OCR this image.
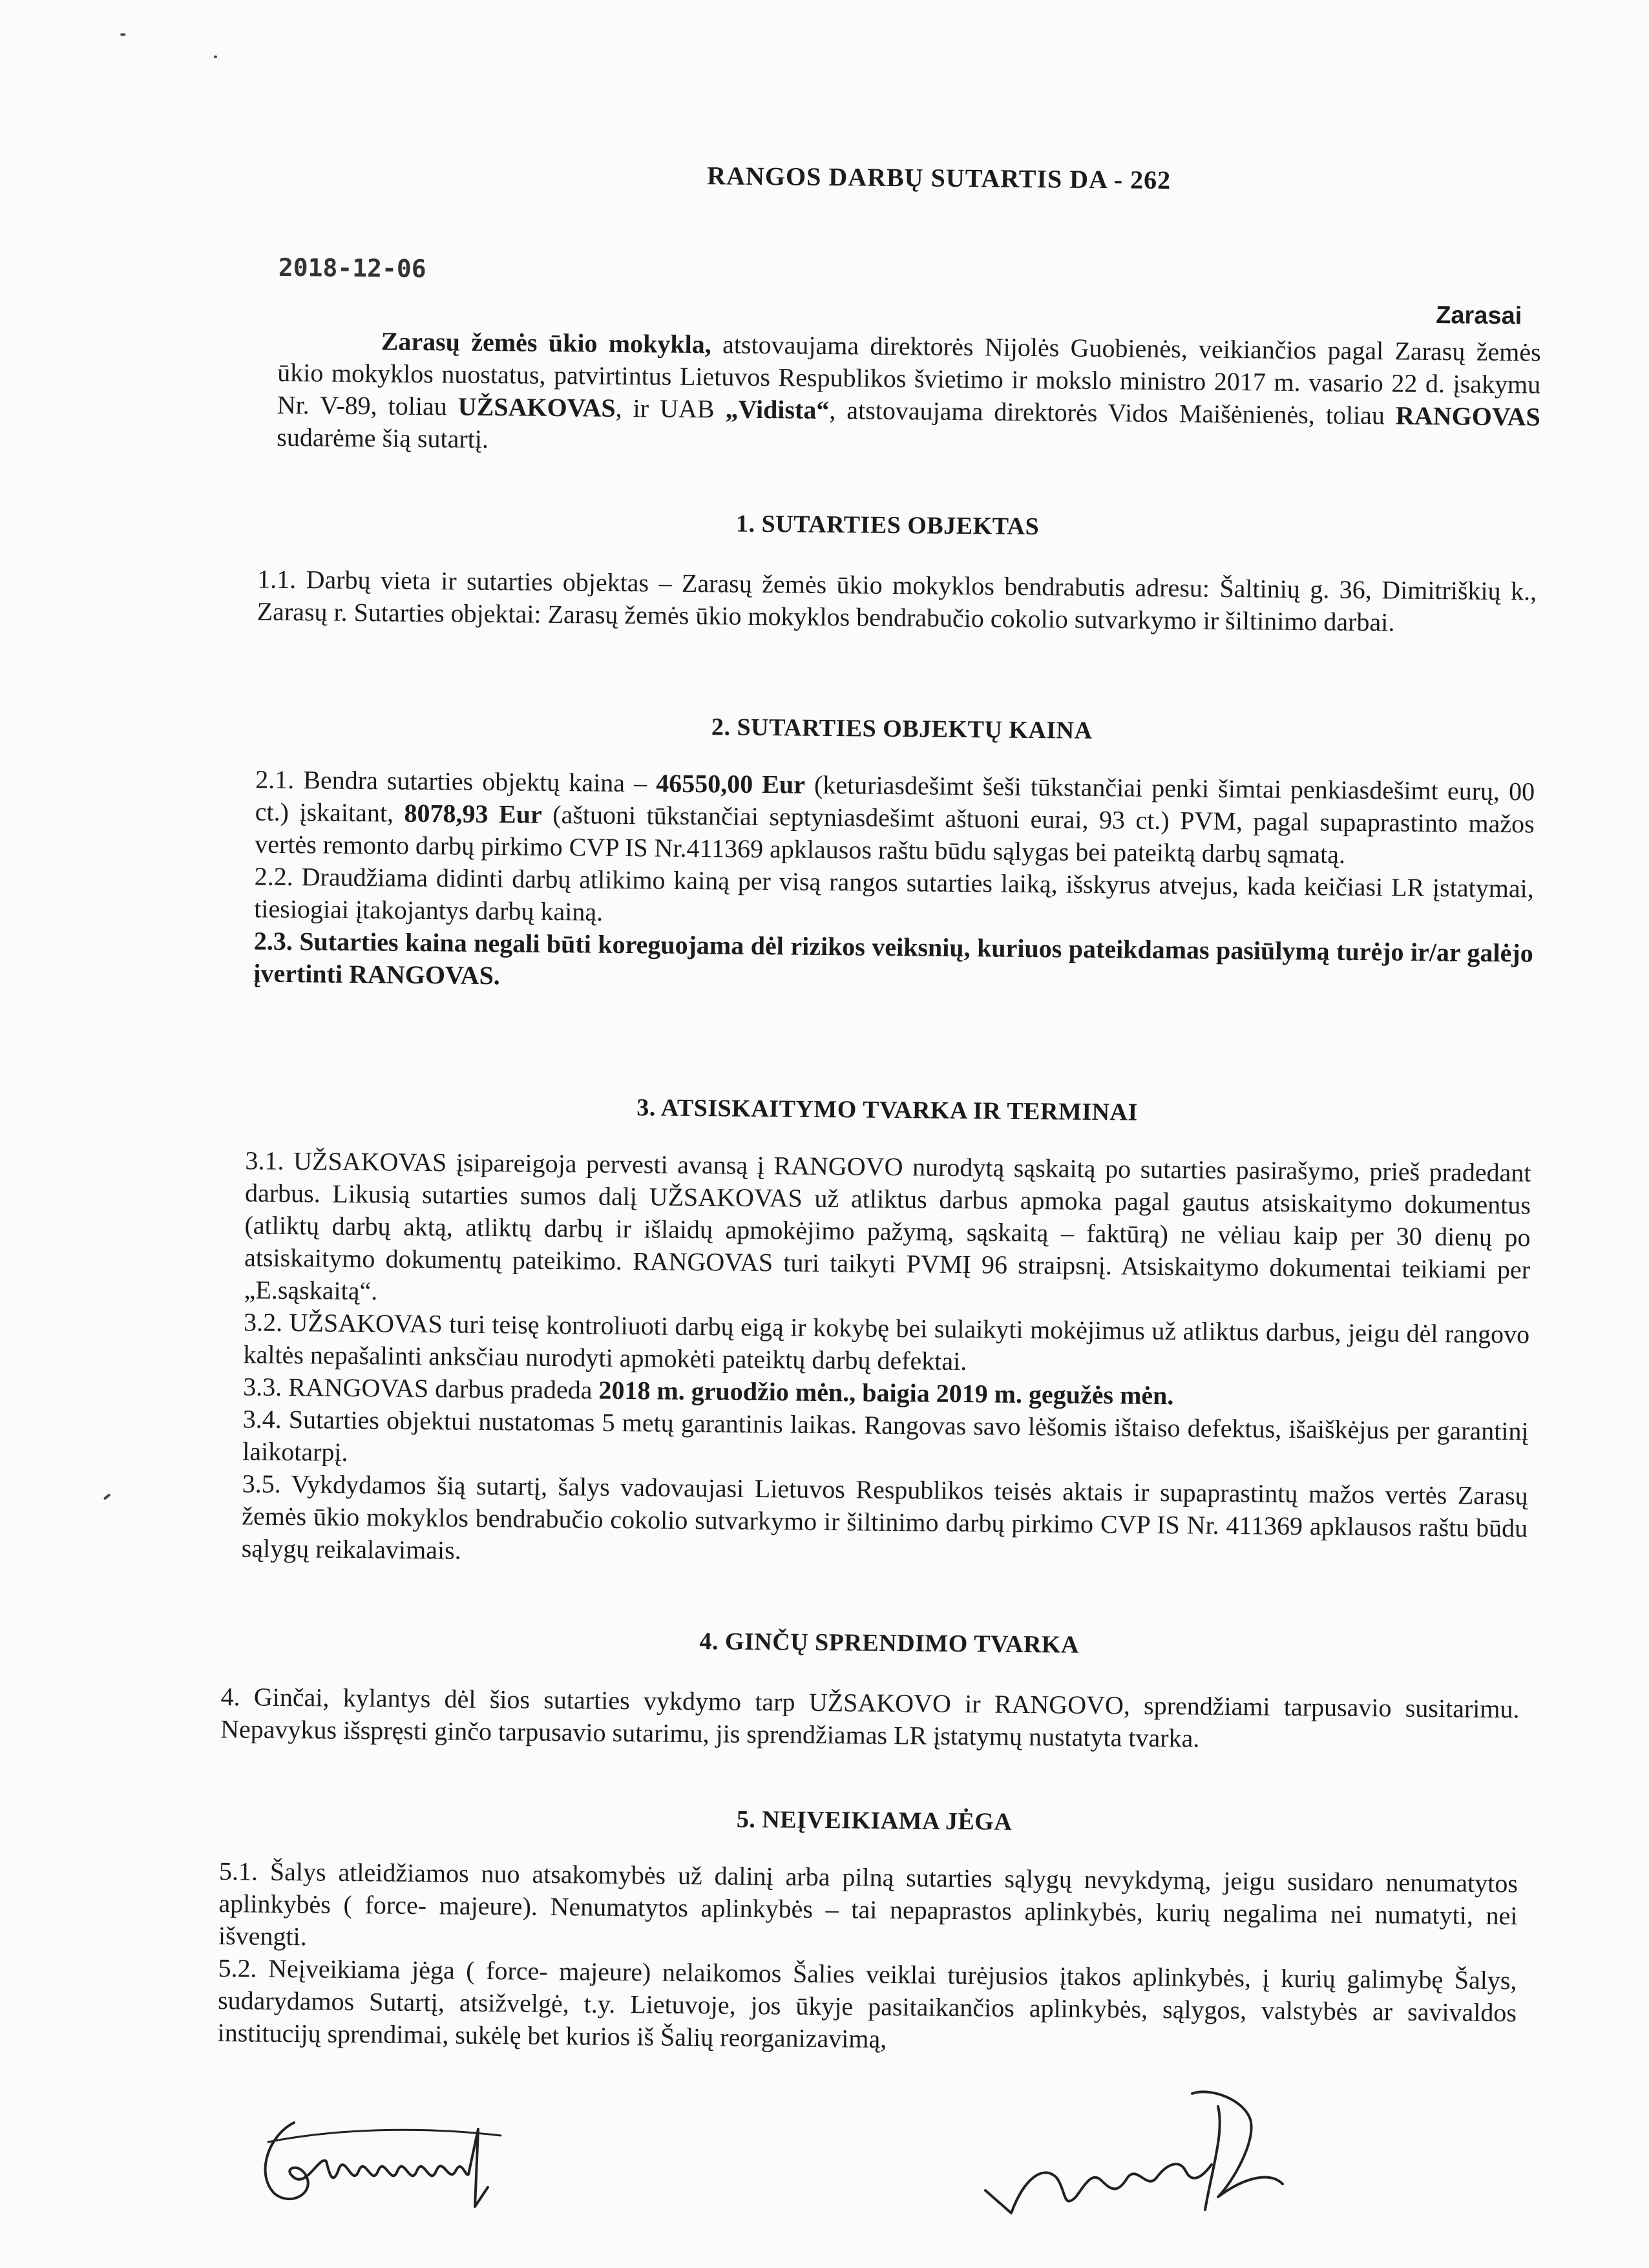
RANGOS DARBŲ SUTARTIS DA - 262
2018-12-06
Zarasai
Zarasų žemės ūkio mokykla, atstovaujama direktorės Nijolės Guobienės, veikiančios pagal Zarasų žemės ūkio mokyklos nuostatus, patvirtintus Lietuvos Respublikos švietimo ir mokslo ministro 2017 m. vasario 22 d. įsakymu Nr. V-89, toliau UŽSAKOVAS, ir UAB „Vidista“, atstovaujama direktorės Vidos Maišėnienės, toliau RANGOVAS sudarėme šią sutartį.
1. SUTARTIES OBJEKTAS

1.1. Darbų vieta ir sutarties objektas – Zarasų žemės ūkio mokyklos bendrabutis adresu: Šaltinių g. 36, Dimitriškių k., Zarasų r. Sutarties objektai: Zarasų žemės ūkio mokyklos bendrabučio cokolio sutvarkymo ir šiltinimo darbai.

2. SUTARTIES OBJEKTŲ KAINA

2.1. Bendra sutarties objektų kaina – 46550,00 Eur (keturiasdešimt šeši tūkstančiai penki šimtai penkiasdešimt eurų, 00 ct.) įskaitant, 8078,93 Eur (aštuoni tūkstančiai septyniasdešimt aštuoni eurai, 93 ct.) PVM, pagal supaprastinto mažos vertės remonto darbų pirkimo CVP IS Nr.411369 apklausos raštu būdu sąlygas bei pateiktą darbų sąmatą.

2.2. Draudžiama didinti darbų atlikimo kainą per visą rangos sutarties laiką, išskyrus atvejus, kada keičiasi LR įstatymai, tiesiogiai įtakojantys darbų kainą.

2.3. Sutarties kaina negali būti koreguojama dėl rizikos veiksnių, kuriuos pateikdamas pasiūlymą turėjo ir/ar galėjo įvertinti RANGOVAS.

3. ATSISKAITYMO TVARKA IR TERMINAI

3.1. UŽSAKOVAS įsipareigoja pervesti avansą į RANGOVO nurodytą sąskaitą po sutarties pasirašymo, prieš pradedant darbus. Likusią sutarties sumos dalį UŽSAKOVAS už atliktus darbus apmoka pagal gautus atsiskaitymo dokumentus (atliktų darbų aktą, atliktų darbų ir išlaidų apmokėjimo pažymą, sąskaitą – faktūrą) ne vėliau kaip per 30 dienų po atsiskaitymo dokumentų pateikimo. RANGOVAS turi taikyti PVMĮ 96 straipsnį. Atsiskaitymo dokumentai teikiami per „E.sąskaitą“.

3.2. UŽSAKOVAS turi teisę kontroliuoti darbų eigą ir kokybę bei sulaikyti mokėjimus už atliktus darbus, jeigu dėl rangovo kaltės nepašalinti anksčiau nurodyti apmokėti pateiktų darbų defektai.

3.3. RANGOVAS darbus pradeda 2018 m. gruodžio mėn., baigia 2019 m. gegužės mėn.

3.4. Sutarties objektui nustatomas 5 metų garantinis laikas. Rangovas savo lėšomis ištaiso defektus, išaiškėjus per garantinį laikotarpį.

3.5. Vykdydamos šią sutartį, šalys vadovaujasi Lietuvos Respublikos teisės aktais ir supaprastintų mažos vertės Zarasų žemės ūkio mokyklos bendrabučio cokolio sutvarkymo ir šiltinimo darbų pirkimo CVP IS Nr. 411369 apklausos raštu būdu sąlygų reikalavimais.

4. GINČŲ SPRENDIMO TVARKA

4. Ginčai, kylantys dėl šios sutarties vykdymo tarp UŽSAKOVO ir RANGOVO, sprendžiami tarpusavio susitarimu. Nepavykus išspręsti ginčo tarpusavio sutarimu, jis sprendžiamas LR įstatymų nustatyta tvarka.

5. NEĮVEIKIAMA JĖGA

5.1. Šalys atleidžiamos nuo atsakomybės už dalinį arba pilną sutarties sąlygų nevykdymą, jeigu susidaro nenumatytos aplinkybės ( force- majeure). Nenumatytos aplinkybės – tai nepaprastos aplinkybės, kurių negalima nei numatyti, nei išvengti.

5.2. Neįveikiama jėga ( force- majeure) nelaikomos Šalies veiklai turėjusios įtakos aplinkybės, į kurių galimybę Šalys, sudarydamos Sutartį, atsižvelgė, t.y. Lietuvoje, jos ūkyje pasitaikančios aplinkybės, sąlygos, valstybės ar savivaldos institucijų sprendimai, sukėlę bet kurios iš Šalių reorganizavimą,
